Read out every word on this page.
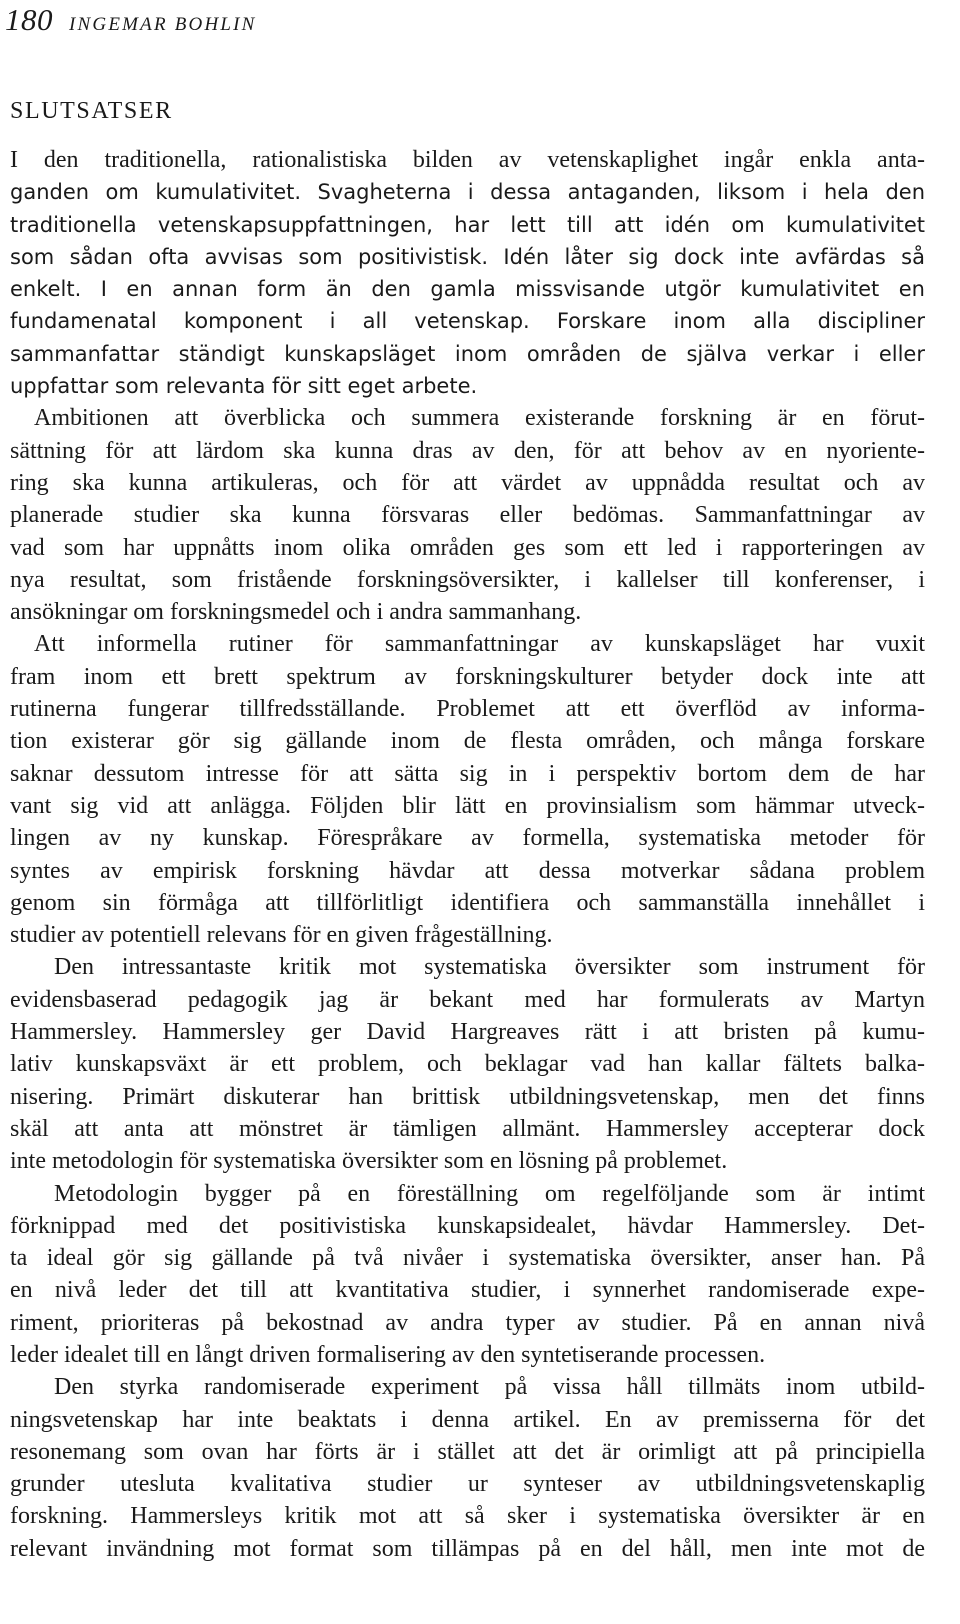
180 INGEMAR BOHLIN
SLUTSATSER
I den traditionella, rationalistiska bilden av vetenskaplighet ingår enkla anta-
ganden om kumulativitet. Svagheterna i dessa antaganden, liksom i hela den
traditionella vetenskapsuppfattningen, har lett till att idén om kumulativitet
som sådan ofta avvisas som positivistisk. Idén låter sig dock inte avfärdas så
enkelt. I en annan form än den gamla missvisande utgör kumulativitet en
fundamenatal komponent i all vetenskap. Forskare inom alla discipliner
sammanfattar ständigt kunskapsläget inom områden de själva verkar i eller
uppfattar som relevanta för sitt eget arbete.
Ambitionen att överblicka och summera existerande forskning är en förut-
sättning för att lärdom ska kunna dras av den, för att behov av en nyoriente-
ring ska kunna artikuleras, och för att värdet av uppnådda resultat och av
planerade studier ska kunna försvaras eller bedömas. Sammanfattningar av
vad som har uppnåtts inom olika områden ges som ett led i rapporteringen av
nya resultat, som fristående forskningsöversikter, i kallelser till konferenser, i
ansökningar om forskningsmedel och i andra sammanhang.
Att informella rutiner för sammanfattningar av kunskapsläget har vuxit
fram inom ett brett spektrum av forskningskulturer betyder dock inte att
rutinerna fungerar tillfredsställande. Problemet att ett överflöd av informa-
tion existerar gör sig gällande inom de flesta områden, och många forskare
saknar dessutom intresse för att sätta sig in i perspektiv bortom dem de har
vant sig vid att anlägga. Följden blir lätt en provinsialism som hämmar utveck-
lingen av ny kunskap. Förespråkare av formella, systematiska metoder för
syntes av empirisk forskning hävdar att dessa motverkar sådana problem
genom sin förmåga att tillförlitligt identifiera och sammanställa innehållet i
studier av potentiell relevans för en given frågeställning.
Den intressantaste kritik mot systematiska översikter som instrument för
evidensbaserad pedagogik jag är bekant med har formulerats av Martyn
Hammersley. Hammersley ger David Hargreaves rätt i att bristen på kumu-
lativ kunskapsväxt är ett problem, och beklagar vad han kallar fältets balka-
nisering. Primärt diskuterar han brittisk utbildningsvetenskap, men det finns
skäl att anta att mönstret är tämligen allmänt. Hammersley accepterar dock
inte metodologin för systematiska översikter som en lösning på problemet.
Metodologin bygger på en föreställning om regelföljande som är intimt
förknippad med det positivistiska kunskapsidealet, hävdar Hammersley. Det-
ta ideal gör sig gällande på två nivåer i systematiska översikter, anser han. På
en nivå leder det till att kvantitativa studier, i synnerhet randomiserade expe-
riment, prioriteras på bekostnad av andra typer av studier. På en annan nivå
leder idealet till en långt driven formalisering av den syntetiserande processen.
Den styrka randomiserade experiment på vissa håll tillmäts inom utbild-
ningsvetenskap har inte beaktats i denna artikel. En av premisserna för det
resonemang som ovan har förts är i stället att det är orimligt att på principiella
grunder utesluta kvalitativa studier ur synteser av utbildningsvetenskaplig
forskning. Hammersleys kritik mot att så sker i systematiska översikter är en
relevant invändning mot format som tillämpas på en del håll, men inte mot de
